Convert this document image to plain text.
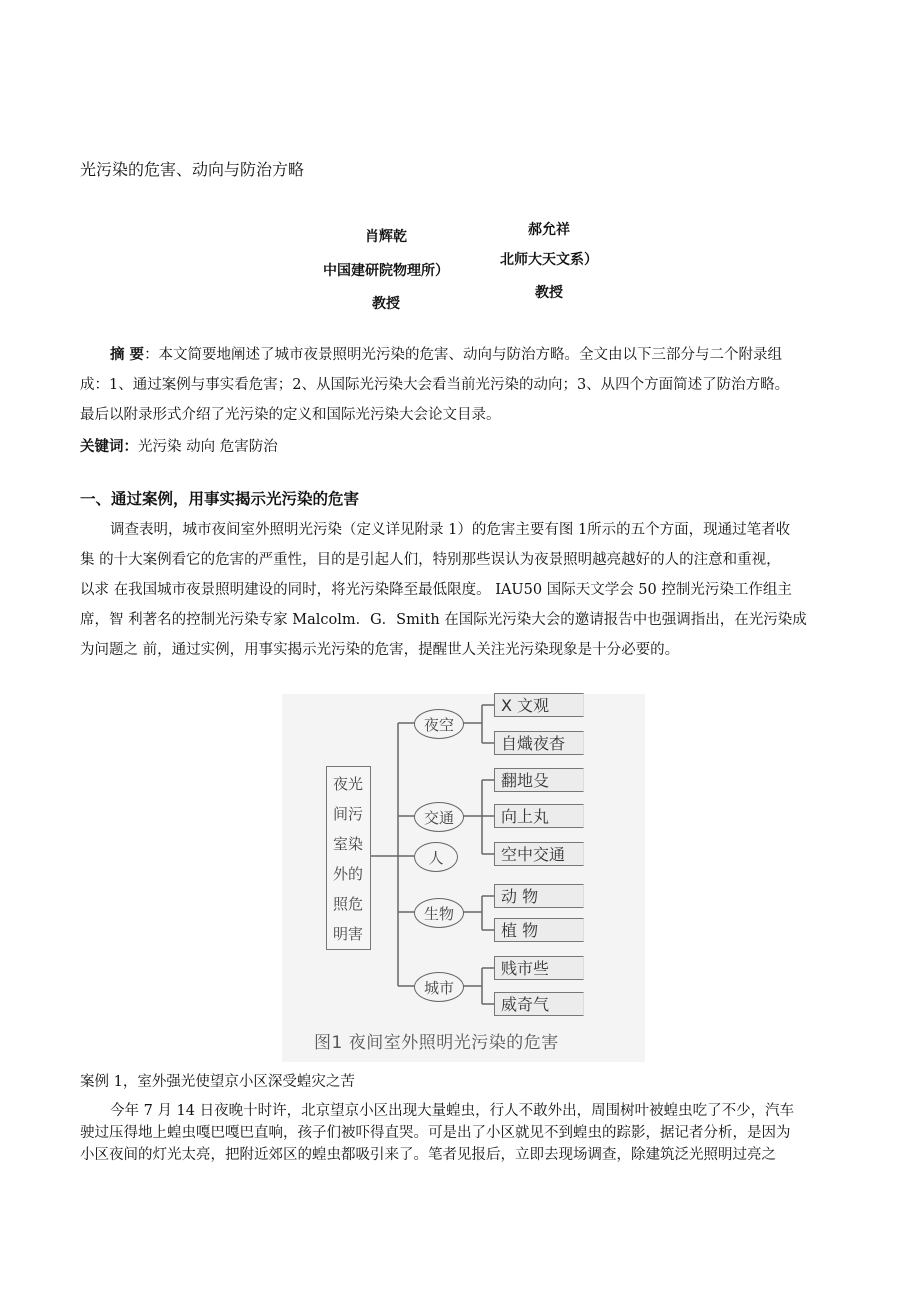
光污染的危害、动向与防治方略
肖辉乾
中国建研院物理所）
教授
郝允祥
北师大天文系）
教授
摘 要：本文简要地阐述了城市夜景照明光污染的危害、动向与防治方略。全文由以下三部分与二个附录组
成：1、通过案例与事实看危害；2、从国际光污染大会看当前光污染的动向；3、从四个方面简述了防治方略。
最后以附录形式介绍了光污染的定义和国际光污染大会论文目录。
关键词：光污染 动向 危害防治
一、通过案例，用事实揭示光污染的危害
调查表明，城市夜间室外照明光污染（定义详见附录 1）的危害主要有图 1所示的五个方面，现通过笔者收
集 的十大案例看它的危害的严重性，目的是引起人们，特别那些误认为夜景照明越亮越好的人的注意和重视，
以求 在我国城市夜景照明建设的同时，将光污染降至最低限度。 IAU50 国际天文学会 50 控制光污染工作组主
席，智 利著名的控制光污染专家 Malcolm．G．Smith 在国际光污染大会的邀请报告中也强调指出，在光污染成
为问题之 前，通过实例，用事实揭示光污染的危害，提醒世人关注光污染现象是十分必要的。
夜光
间污
室染
外的
照危
明害
夜空
交通
人
生物
城市
X 文观
自熾夜杳
翻地殳
向上丸
空中交通
动 物
植 物
贱市些
威奇气
图1 夜间室外照明光污染的危害
案例 1，室外强光使望京小区深受蝗灾之苦
今年 7 月 14 日夜晚十时许，北京望京小区出现大量蝗虫，行人不敢外出，周围树叶被蝗虫吃了不少，汽车
驶过压得地上蝗虫嘎巴嘎巴直响，孩子们被吓得直哭。可是出了小区就见不到蝗虫的踪影，据记者分析，是因为
小区夜间的灯光太亮，把附近郊区的蝗虫都吸引来了。笔者见报后，立即去现场调查，除建筑泛光照明过亮之
